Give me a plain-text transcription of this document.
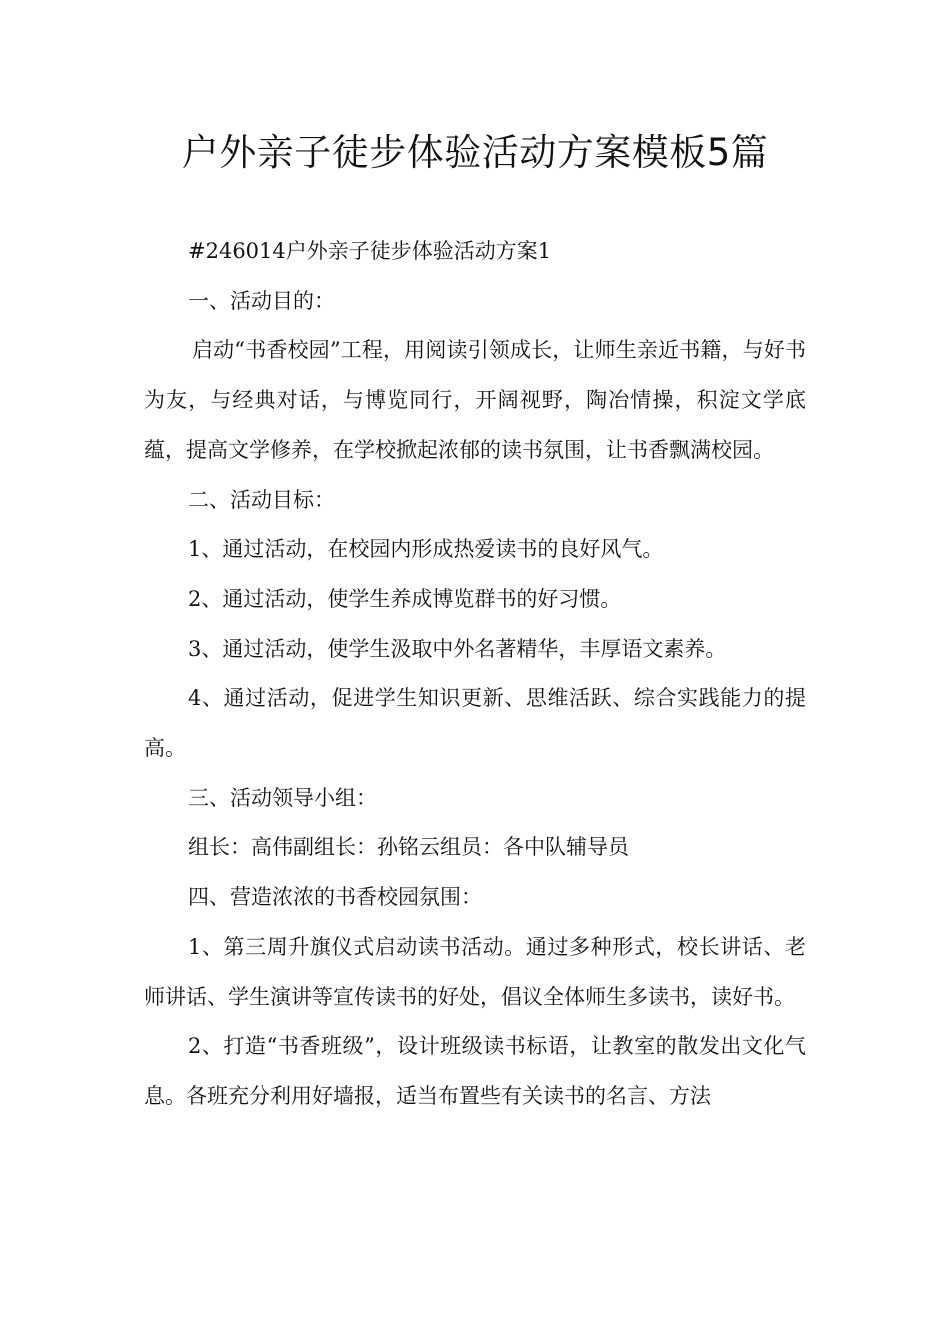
户外亲子徒步体验活动方案模板5篇

#246014户外亲子徒步体验活动方案1

一、活动目的：

启动“书香校园”工程，用阅读引领成长，让师生亲近书籍，与好书为友，与经典对话，与博览同行，开阔视野，陶冶情操，积淀文学底蕴，提高文学修养，在学校掀起浓郁的读书氛围，让书香飘满校园。

二、活动目标：

1、通过活动，在校园内形成热爱读书的良好风气。

2、通过活动，使学生养成博览群书的好习惯。

3、通过活动，使学生汲取中外名著精华，丰厚语文素养。

4、通过活动，促进学生知识更新、思维活跃、综合实践能力的提高。

三、活动领导小组：

组长：高伟副组长：孙铭云组员：各中队辅导员

四、营造浓浓的书香校园氛围：

1、第三周升旗仪式启动读书活动。通过多种形式，校长讲话、老师讲话、学生演讲等宣传读书的好处，倡议全体师生多读书，读好书。

2、打造“书香班级”，设计班级读书标语，让教室的散发出文化气息。各班充分利用好墙报，适当布置些有关读书的名言、方法
